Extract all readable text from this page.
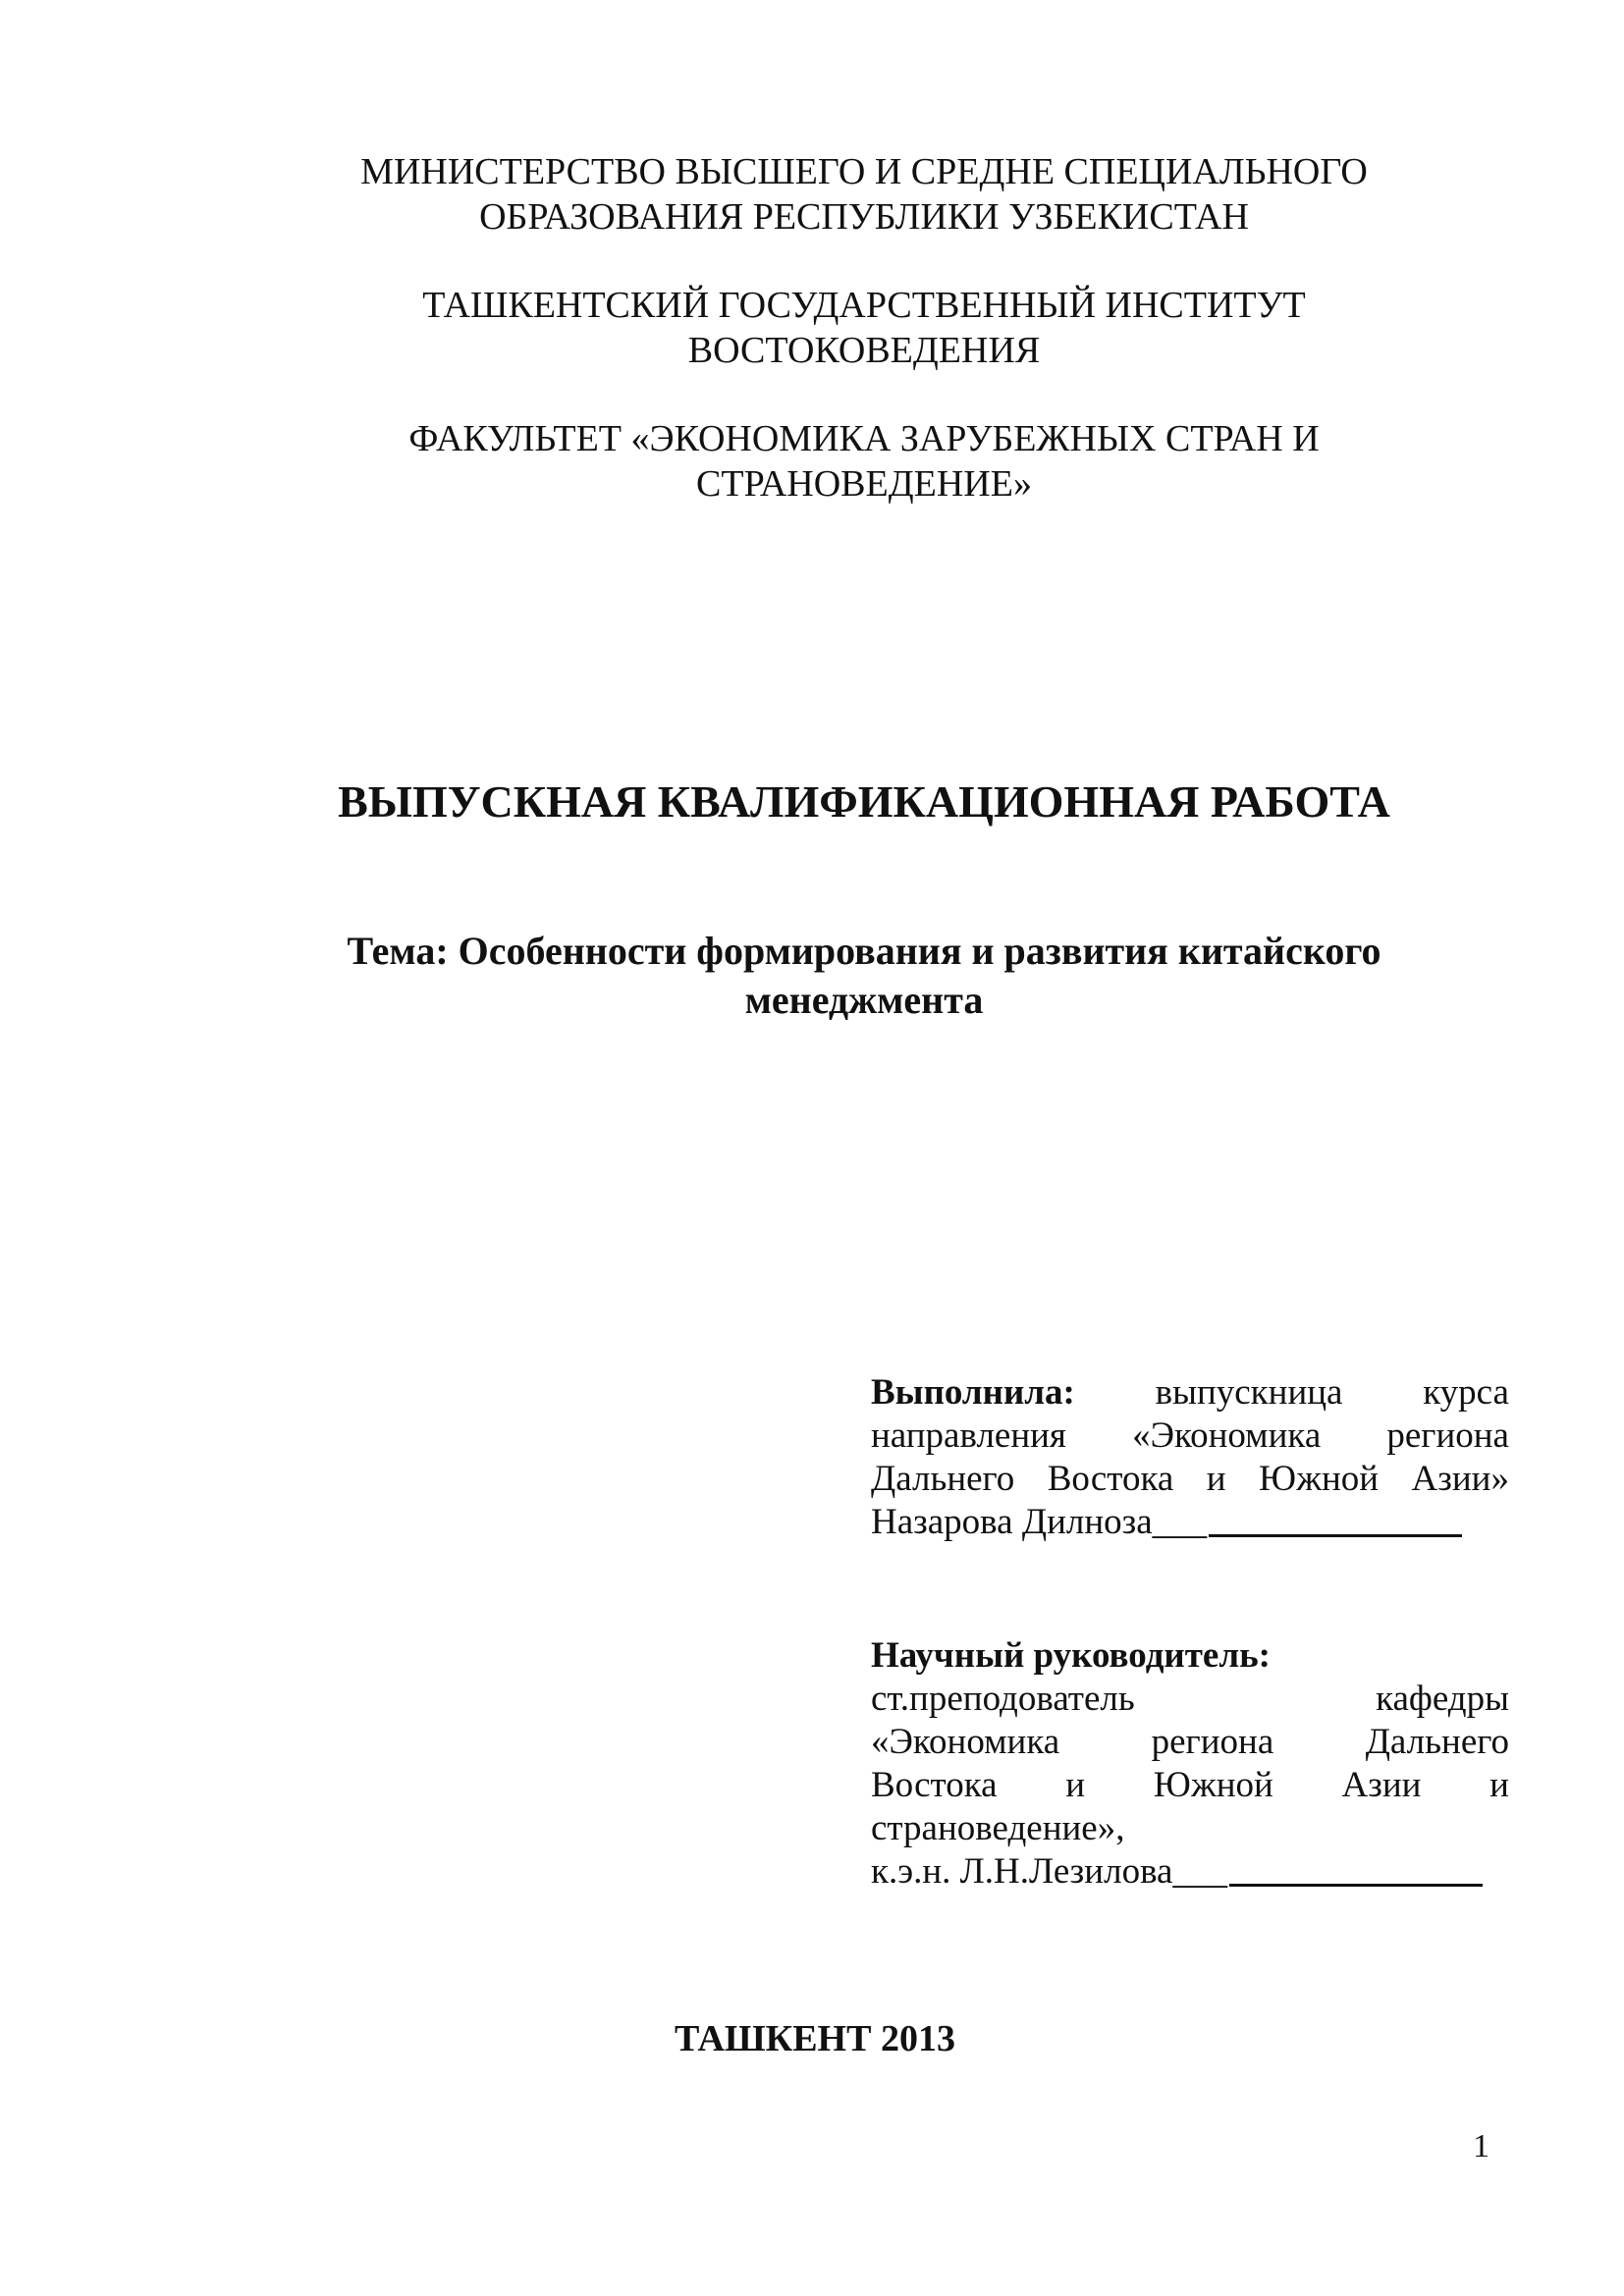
МИНИСТЕРСТВО ВЫСШЕГО И СРЕДНЕ СПЕЦИАЛЬНОГО
ОБРАЗОВАНИЯ РЕСПУБЛИКИ УЗБЕКИСТАН
ТАШКЕНТСКИЙ ГОСУДАРСТВЕННЫЙ ИНСТИТУТ
ВОСТОКОВЕДЕНИЯ
ФАКУЛЬТЕТ «ЭКОНОМИКА ЗАРУБЕЖНЫХ СТРАН И
СТРАНОВЕДЕНИЕ»
ВЫПУСКНАЯ КВАЛИФИКАЦИОННАЯ РАБОТА
Тема: Особенности формирования и развития китайского
менеджмента
Выполнила: выпускница курса
направления «Экономика региона
Дальнего Востока и Южной Азии»
Назарова Дилноза___
Научный руководитель:
ст.преподователь	кафедры
«Экономика	региона	Дальнего
Востока и Южной Азии и
страноведение»,
к.э.н. Л.Н.Лезилова___
ТАШКЕНТ 2013
1
